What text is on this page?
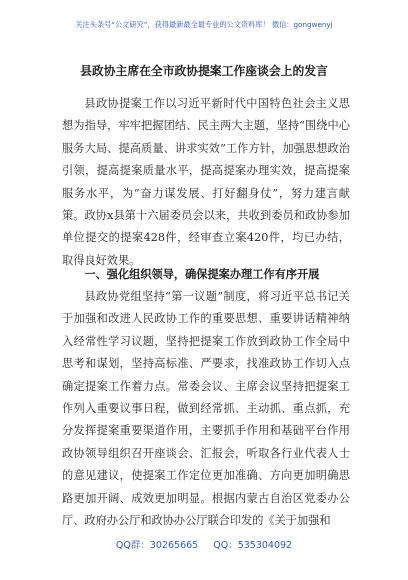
关注头条号“公文研究”，获得最新最全最专业的公文资料库！ 微信：gongwenyj
县政协主席在全市政协提案工作座谈会上的发言

县政协提案工作以习近平新时代中国特色社会主义思想为指导，牢牢把握团结、民主两大主题，坚持“围绕中心服务大局、提高质量、讲求实效”工作方针，加强思想政治引领，提高提案质量水平，提高提案办理实效，提高提案服务水平，为“奋力谋发展、打好翻身仗”，努力建言献策。政协x县第十六届委员会以来，共收到委员和政协参加单位提交的提案428件，经审查立案420件，均已办结，取得良好效果。

一、强化组织领导，确保提案办理工作有序开展

县政协党组坚持“第一议题”制度，将习近平总书记关于加强和改进人民政协工作的重要思想、重要讲话精神纳入经常性学习议题，坚持把提案工作放到政协工作全局中思考和谋划，坚持高标准、严要求，找准政协工作切入点确定提案工作着力点。常委会议、主席会议坚持把提案工作列入重要议事日程，做到经常抓、主动抓、重点抓，充分发挥提案重要渠道作用，主要抓手作用和基础平台作用政协领导组织召开座谈会、汇报会，听取各行业代表人士的意见建议，使提案工作定位更加准确、方向更加明确思路更加开阔、成效更加明显。根据内蒙古自治区党委办公厅、政府办公厅和政协办公厅联合印发的《关于加强和

QQ群：30265665 QQ：535304092
